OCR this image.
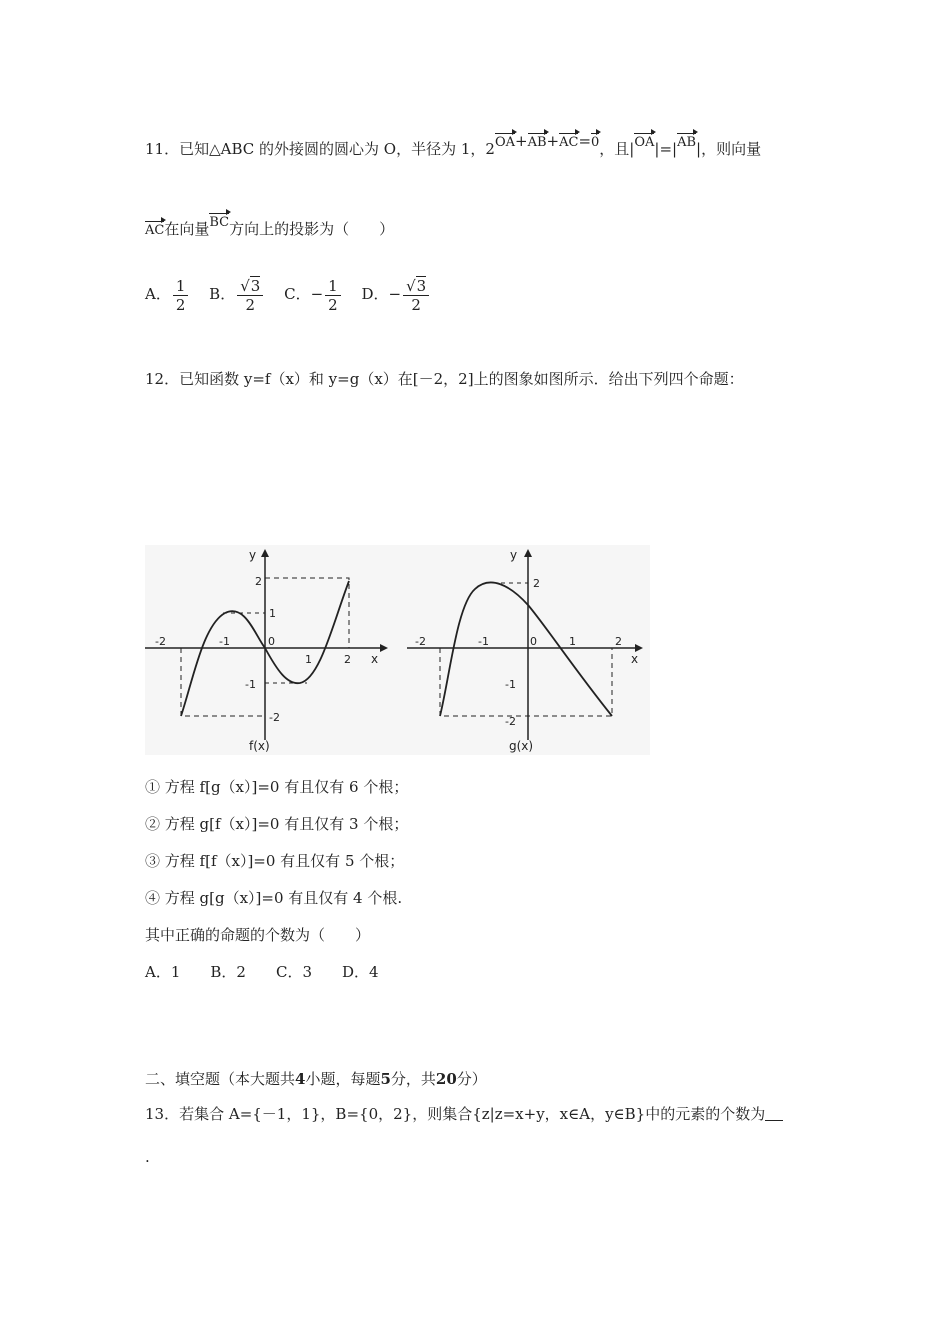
11．已知△ABC 的外接圆的圆心为 O，半径为 1，2OA+AB+AC=0，且|OA|=|AB|，则向量
AC在向量BC方向上的投影为（　　）
A． $\frac{1}{2}$ B． $\frac{√3}{2}$ C．− $\frac{1}{2}$ D．− $\frac{√3}{2}$
12．已知函数 y=f（x）和 y=g（x）在[－2，2]上的图象如图所示．给出下列四个命题：
y
x
-2	-1	0
1	2
1
-1
-2
2
f(x)
y
x
-2	-1	0	1	2
2
-1
-2
g(x)
① 方程 f[g（x）]=0 有且仅有 6 个根；
② 方程 g[f（x）]=0 有且仅有 3 个根；
③ 方程 f[f（x）]=0 有且仅有 5 个根；
④ 方程 g[g（x）]=0 有且仅有 4 个根.
其中正确的命题的个数为（　　）
A．1 B．2 C．3 D．4
二、填空题（本大题共4小题，每题5分，共20分）
13．若集合 A={－1，1}，B={0，2}，则集合{z|z=x+y，x∈A，y∈B}中的元素的个数为
.
